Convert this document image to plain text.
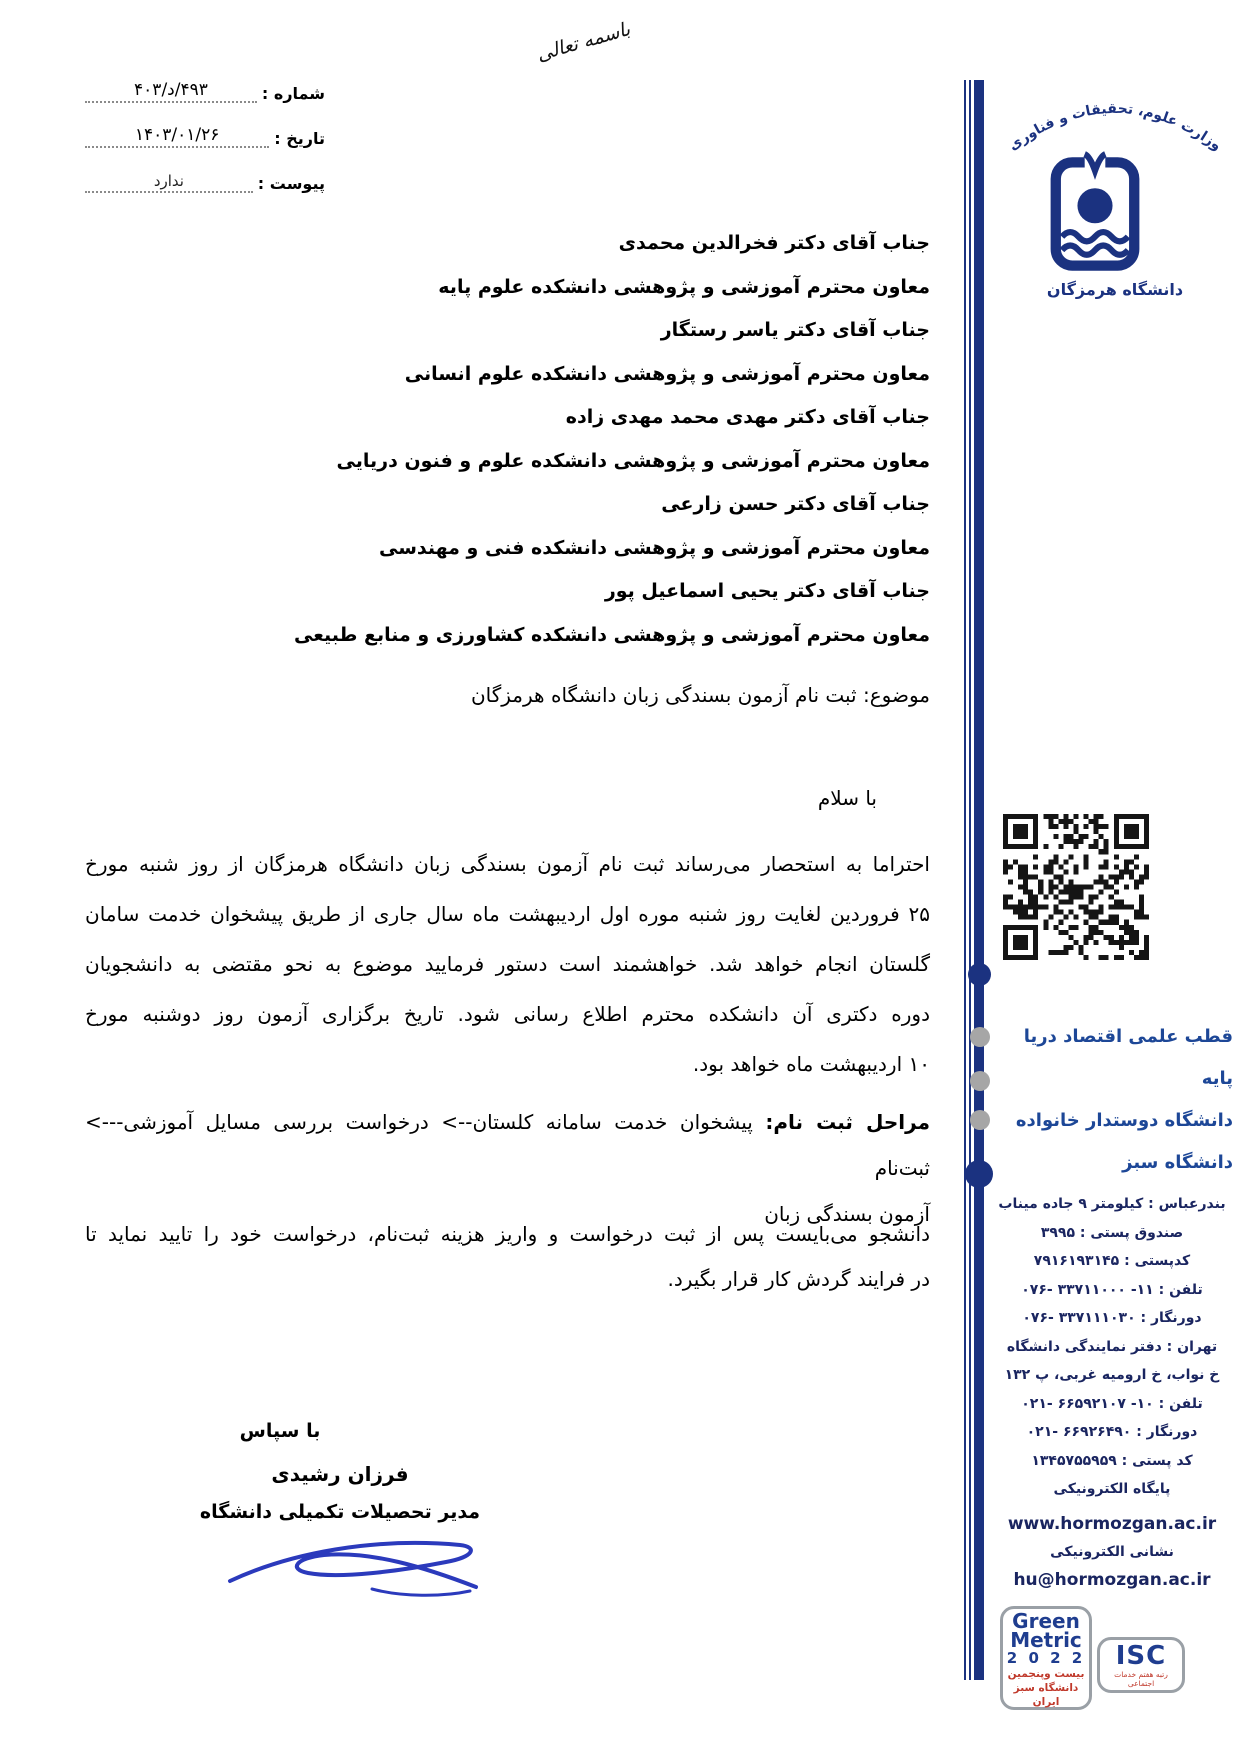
باسمه تعالی
شماره :
۴۹۳/د/۴۰۳
تاریخ :
۱۴۰۳/۰۱/۲۶
پیوست :
ندارد
وزارت علوم، تحقیقات و فناوری
دانشگاه هرمزگان
جناب آقای دکتر فخرالدین محمدی
معاون محترم آموزشی و پژوهشی دانشکده علوم پایه
جناب آقای دکتر یاسر رستگار
معاون محترم آموزشی و پژوهشی دانشکده علوم انسانی
جناب آقای دکتر مهدی محمد مهدی زاده
معاون محترم آموزشی و پژوهشی دانشکده علوم و فنون دریایی
جناب آقای دکتر حسن زارعی
معاون محترم آموزشی و پژوهشی دانشکده فنی و مهندسی
جناب آقای دکتر یحیی اسماعیل پور
معاون محترم آموزشی و پژوهشی دانشکده کشاورزی و منابع طبیعی
موضوع: ثبت نام آزمون بسندگی زبان دانشگاه هرمزگان
با سلام
احتراما به استحصار می‌رساند ثبت نام آزمون بسندگی زبان دانشگاه هرمزگان از روز شنبه مورخ
۲۵ فروردین لغایت روز شنبه موره اول اردیبهشت ماه سال جاری از طریق پیشخوان خدمت سامان
گلستان انجام خواهد شد. خواهشمند است دستور فرمایید موضوع به نحو مقتضی به دانشجویان
دوره دکتری آن دانشکده محترم اطلاع رسانی شود. تاریخ برگزاری آزمون روز دوشنبه مورخ
۱۰ اردیبهشت ماه خواهد بود.
مراحل ثبت نام: پیشخوان خدمت سامانه کلستان--> درخواست بررسی مسایل آموزشی---> ثبت‌نام
آزمون بسندگی زبان
دانشجو می‌بایست پس از ثبت درخواست و واریز هزینه ثبت‌نام، درخواست خود را تایید نماید تا
در فرایند گردش کار قرار بگیرد.
با سپاس
فرزان رشیدی
مدیر تحصیلات تکمیلی دانشگاه
قطب علمی اقتصاد دریا پایه
دانشگاه دوستدار خانواده
دانشگاه سبز
بندرعباس : کیلومتر ۹ جاده میناب
صندوق پستی : ۳۹۹۵
کدپستی : ۷۹۱۶۱۹۳۱۴۵
تلفن : ۱۱- ۳۳۷۱۱۰۰۰ -۰۷۶
دورنگار : ۳۳۷۱۱۱۰۳۰ -۰۷۶
تهران : دفتر نمایندگی دانشگاه
خ نواب، خ ارومیه غربی، پ ۱۳۲
تلفن : ۱۰- ۶۶۵۹۲۱۰۷ -۰۲۱
دورنگار : ۶۶۹۲۶۴۹۰ -۰۲۱
کد پستی : ۱۳۴۵۷۵۵۹۵۹
پایگاه الکترونیکی
www.hormozgan.ac.ir
نشانی الکترونیکی
hu@hormozgan.ac.ir
Green
Metric
2 0 2 2
بیست وپنجمین
دانشگاه سبز ایران
ISC
رتبه هفتم خدمات اجتماعی
